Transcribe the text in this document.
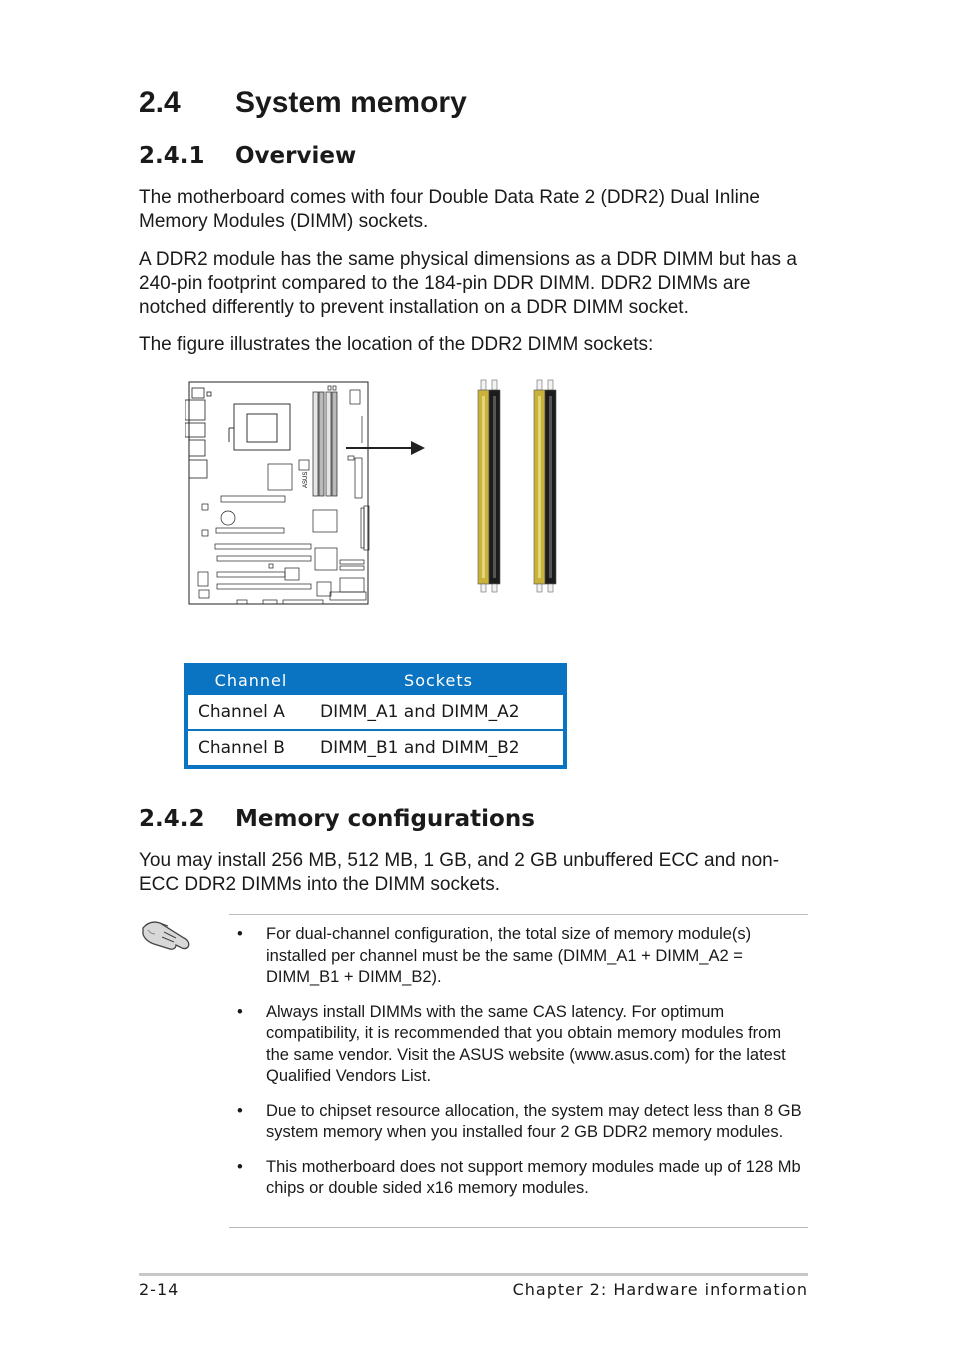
2.4 System memory
2.4.1 Overview

The motherboard comes with four Double Data Rate 2 (DDR2) Dual Inline Memory Modules (DIMM) sockets.

A DDR2 module has the same physical dimensions as a DDR DIMM but has a 240-pin footprint compared to the 184-pin DDR DIMM. DDR2 DIMMs are notched differently to prevent installation on a DDR DIMM socket.

The figure illustrates the location of the DDR2 DIMM sockets:

ASUS
Channel	Sockets
Channel A	DIMM_A1 and DIMM_A2
Channel B	DIMM_B1 and DIMM_B2
2.4.2 Memory configurations

You may install 256 MB, 512 MB, 1 GB, and 2 GB unbuffered ECC and non-ECC DDR2 DIMMs into the DIMM sockets.

• For dual-channel configuration, the total size of memory module(s) installed per channel must be the same (DIMM_A1 + DIMM_A2 = DIMM_B1 + DIMM_B2).
• Always install DIMMs with the same CAS latency. For optimum compatibility, it is recommended that you obtain memory modules from the same vendor. Visit the ASUS website (www.asus.com) for the latest Qualified Vendors List.
• Due to chipset resource allocation, the system may detect less than 8 GB system memory when you installed four 2 GB DDR2 memory modules.
• This motherboard does not support memory modules made up of 128 Mb chips or double sided x16 memory modules.
2-14	Chapter 2: Hardware information
